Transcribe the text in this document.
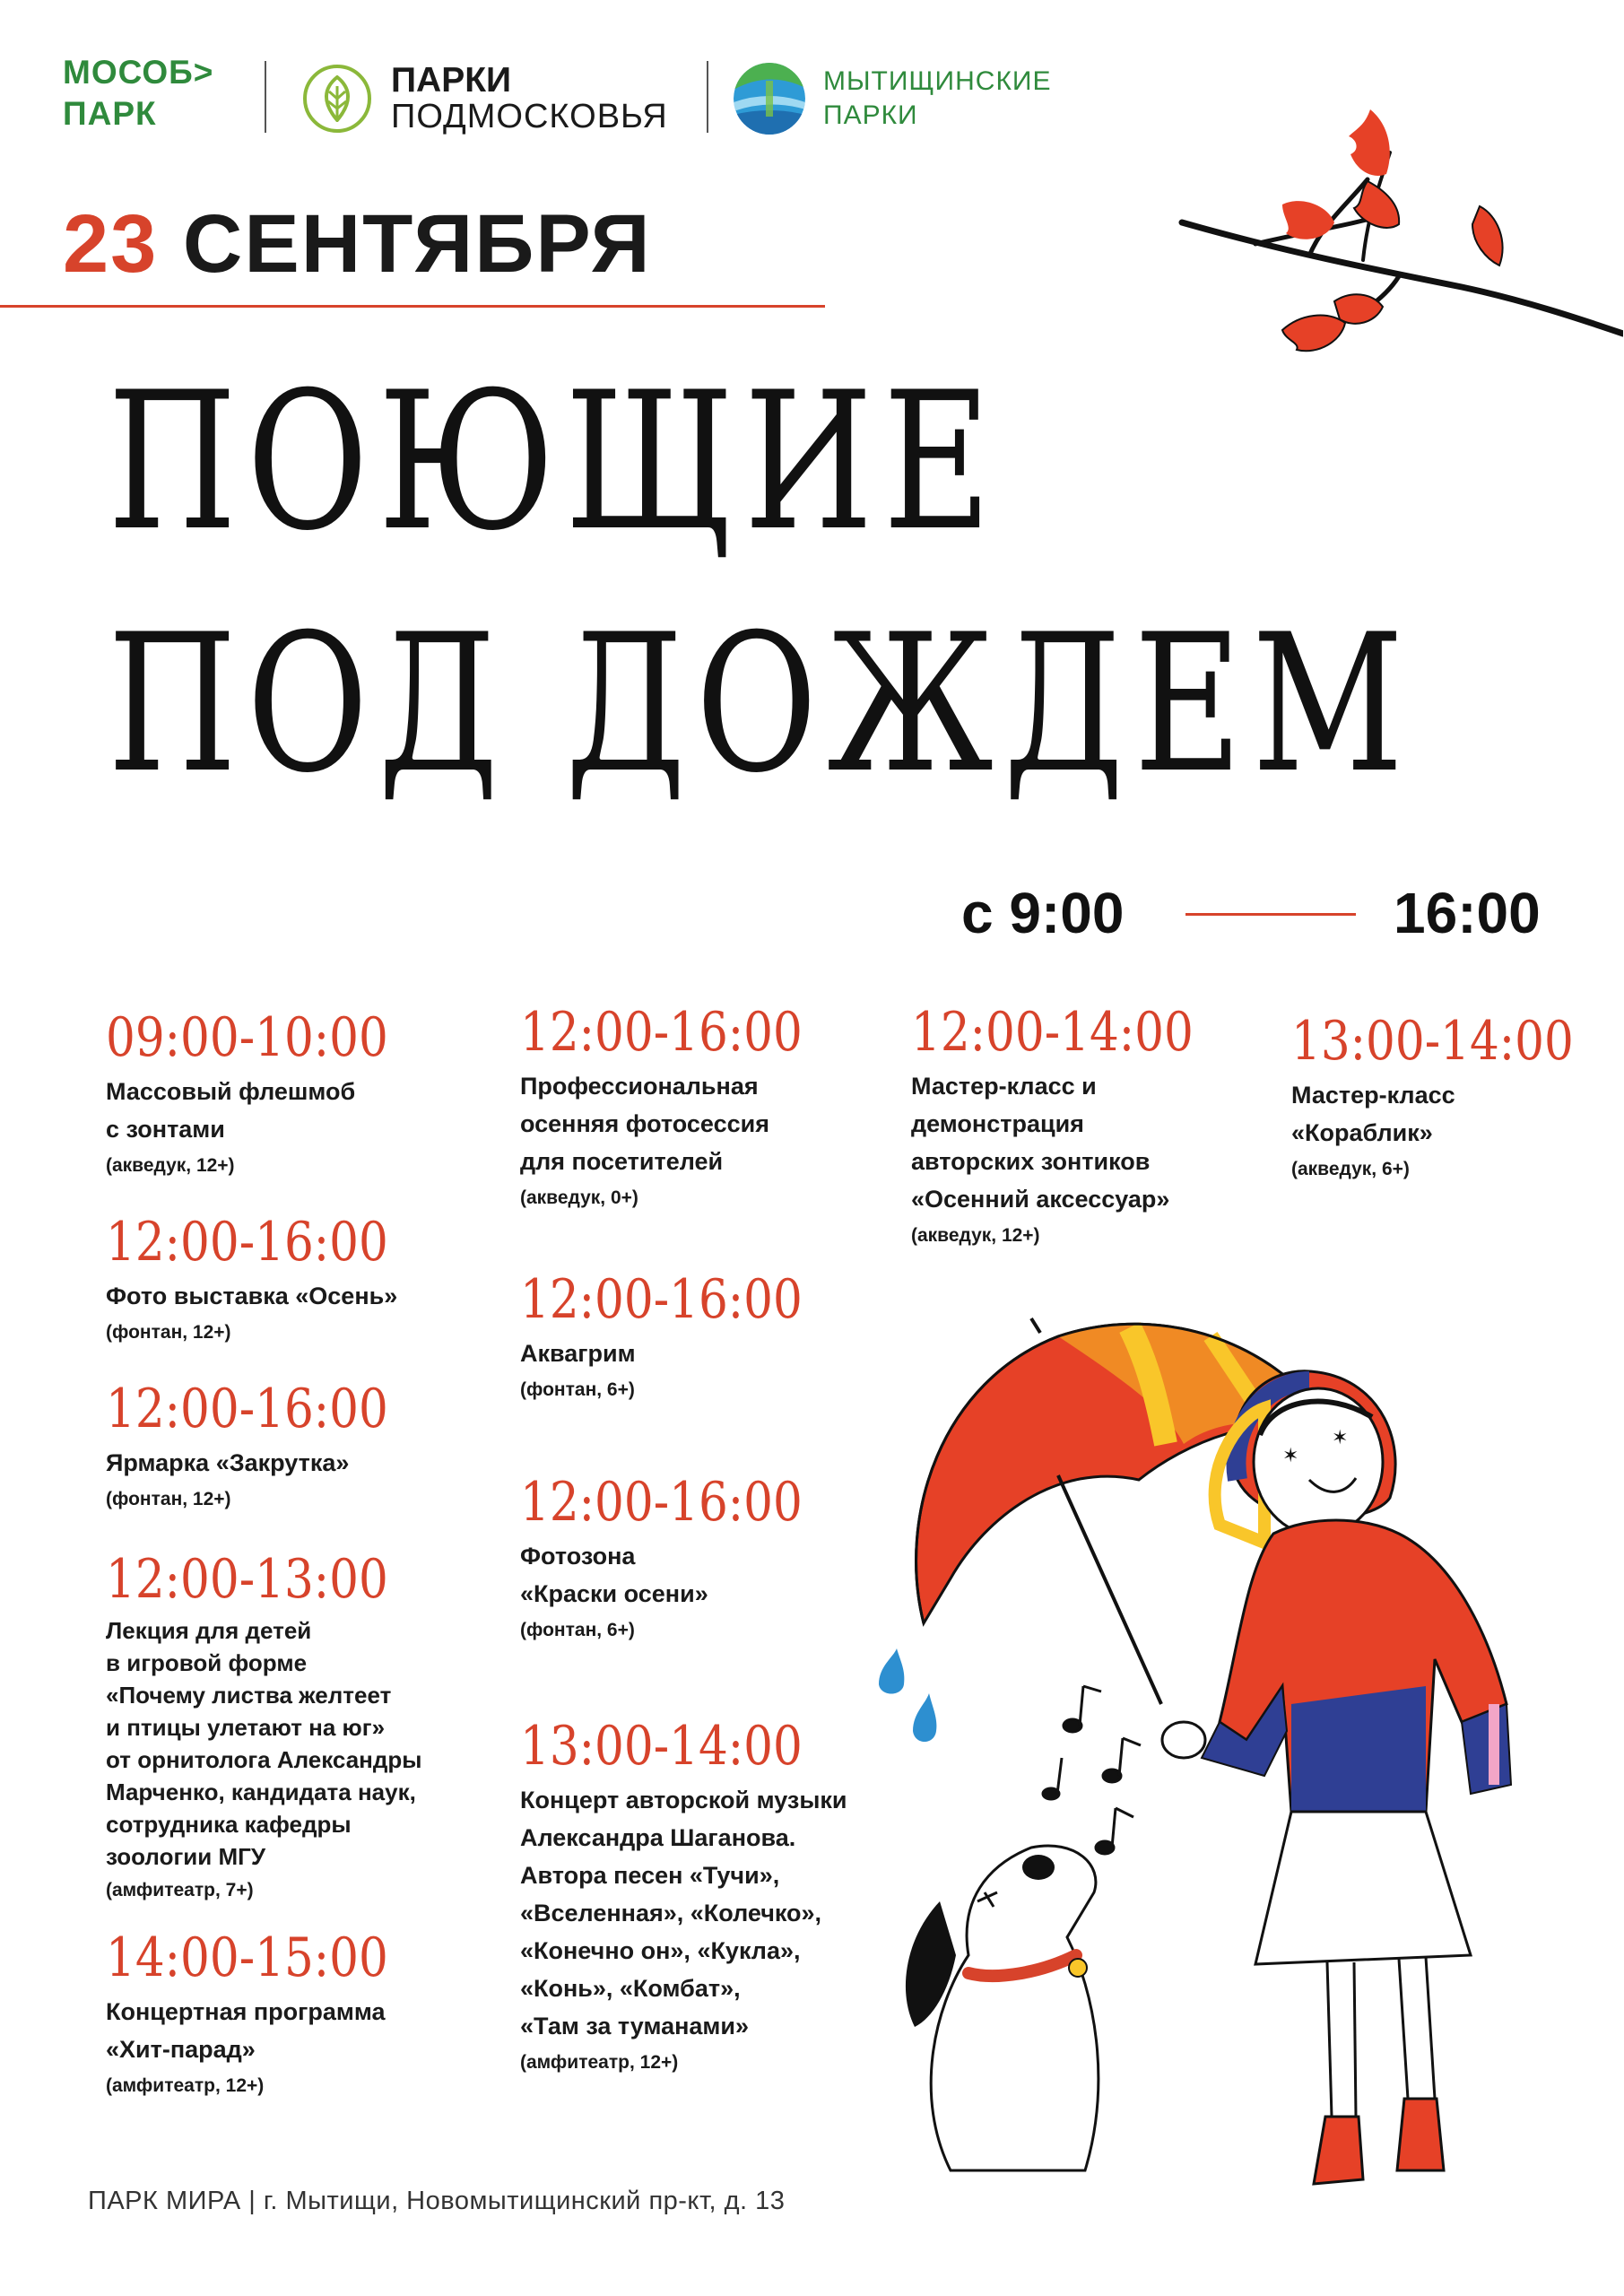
МОСОБ>
ПАРК
ПАРКИ
ПОДМОСКОВЬЯ
МЫТИЩИНСКИЕ
ПАРКИ
23 СЕНТЯБРЯ
ПОЮЩИЕ
ПОД ДОЖДЕМ
с 9:00	16:00
09:00-10:00
Массовый флешмоб
с зонтами
(акведук, 12+)
12:00-16:00
Фото выставка «Осень»
(фонтан, 12+)
12:00-16:00
Ярмарка «Закрутка»
(фонтан, 12+)
12:00-13:00
Лекция для детей
в игровой форме
«Почему листва желтеет
и птицы улетают на юг»
от орнитолога Александры
Марченко, кандидата наук,
сотрудника кафедры
зоологии МГУ
(амфитеатр, 7+)
14:00-15:00
Концертная программа
«Хит-парад»
(амфитеатр, 12+)
12:00-16:00
Профессиональная
осенняя фотосессия
для посетителей
(акведук, 0+)
12:00-16:00
Аквагрим
(фонтан, 6+)
12:00-16:00
Фотозона
«Краски осени»
(фонтан, 6+)
13:00-14:00
Концерт авторской музыки
Александра Шаганова.
Автора песен «Тучи»,
«Вселенная», «Колечко»,
«Конечно он», «Кукла»,
«Конь», «Комбат»,
«Там за туманами»
(амфитеатр, 12+)
12:00-14:00
Мастер-класс и
демонстрация
авторских зонтиков
«Осенний аксессуар»
(акведук, 12+)
13:00-14:00
Мастер-класс
«Кораблик»
(акведук, 6+)
✶
✶
ПАРК МИРА | г. Мытищи, Новомытищинский пр-кт, д. 13
